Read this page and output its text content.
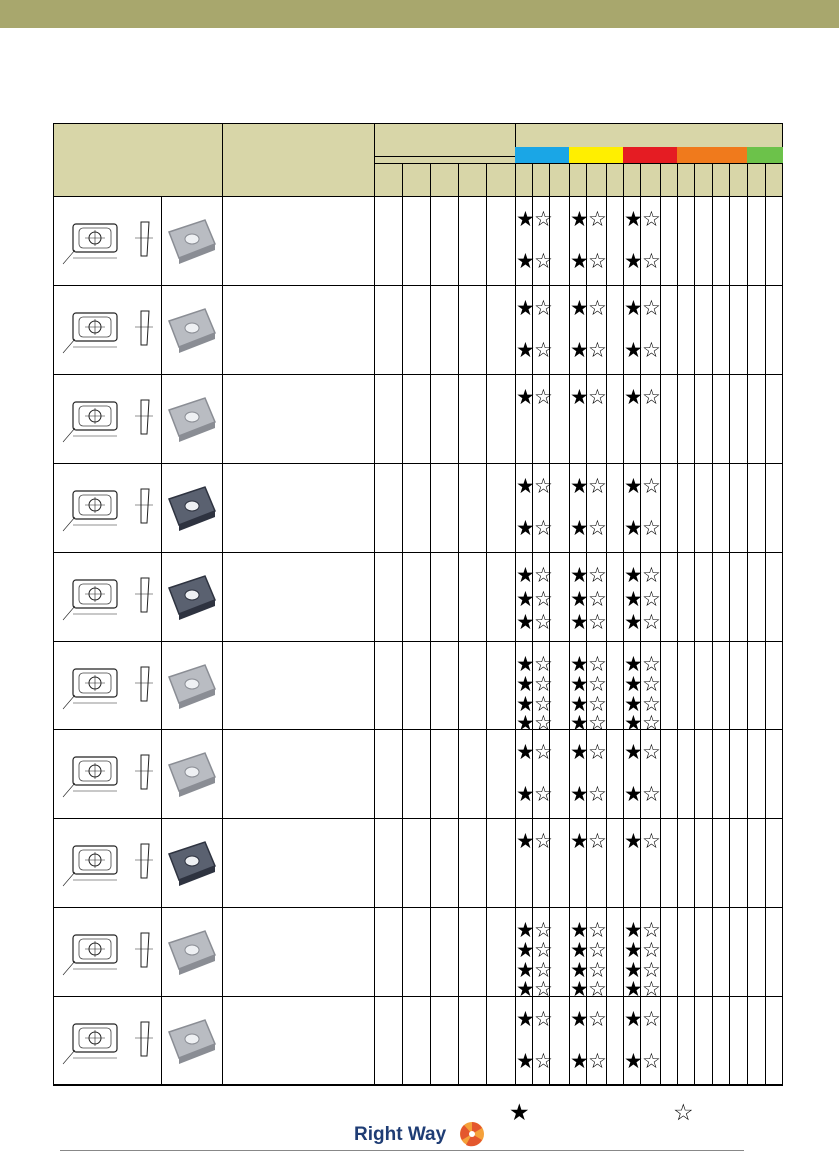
★ ☆ ★ ☆ ★ ☆
★ ☆ ★ ☆ ★ ☆
★ ☆ ★ ☆ ★ ☆
★ ☆ ★ ☆ ★ ☆
★ ☆ ★ ☆ ★ ☆
★ ☆ ★ ☆ ★ ☆
★ ☆ ★ ☆ ★ ☆
★ ☆ ★ ☆ ★ ☆
★ ☆ ★ ☆ ★ ☆
★ ☆ ★ ☆ ★ ☆
★ ☆ ★ ☆ ★ ☆
★ ☆ ★ ☆ ★ ☆
★ ☆ ★ ☆ ★ ☆
★ ☆ ★ ☆ ★ ☆
★ ☆ ★ ☆ ★ ☆
★ ☆ ★ ☆ ★ ☆
★ ☆ ★ ☆ ★ ☆
★ ☆ ★ ☆ ★ ☆
★ ☆ ★ ☆ ★ ☆
★ ☆ ★ ☆ ★ ☆
★ ☆ ★ ☆ ★ ☆
★ ☆ ★ ☆ ★ ☆
★ ☆ ★ ☆ ★ ☆
★	☆
Right Way
